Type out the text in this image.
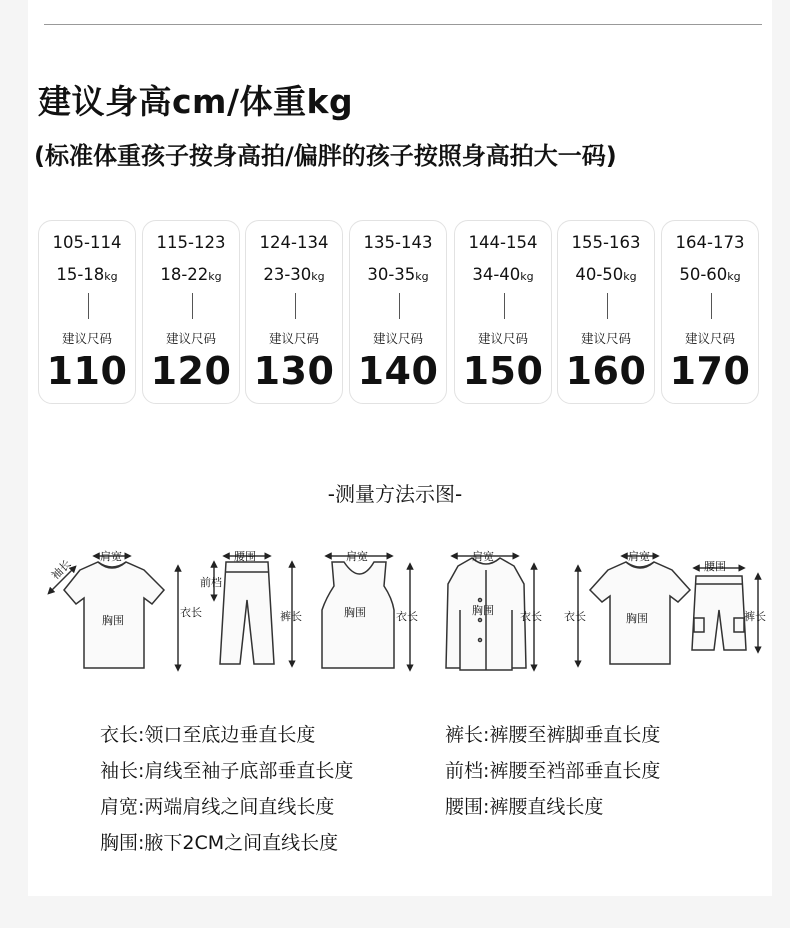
建议身高cm/体重kg
(标准体重孩子按身高拍/偏胖的孩子按照身高拍大一码)
105-114
15-18kg
建议尺码
110
115-123
18-22kg
建议尺码
120
124-134
23-30kg
建议尺码
130
135-143
30-35kg
建议尺码
140
144-154
34-40kg
建议尺码
150
155-163
40-50kg
建议尺码
160
164-173
50-60kg
建议尺码
170
-测量方法示图-
肩宽
袖长
胸围
衣长
腰围
前档
裤长
肩宽
胸围	衣长
肩宽
胸围 衣长
肩宽
胸围
衣长
腰围
裤长
衣长:领口至底边垂直长度
袖长:肩线至袖子底部垂直长度
肩宽:两端肩线之间直线长度
胸围:腋下2CM之间直线长度
裤长:裤腰至裤脚垂直长度
前档:裤腰至裆部垂直长度
腰围:裤腰直线长度
